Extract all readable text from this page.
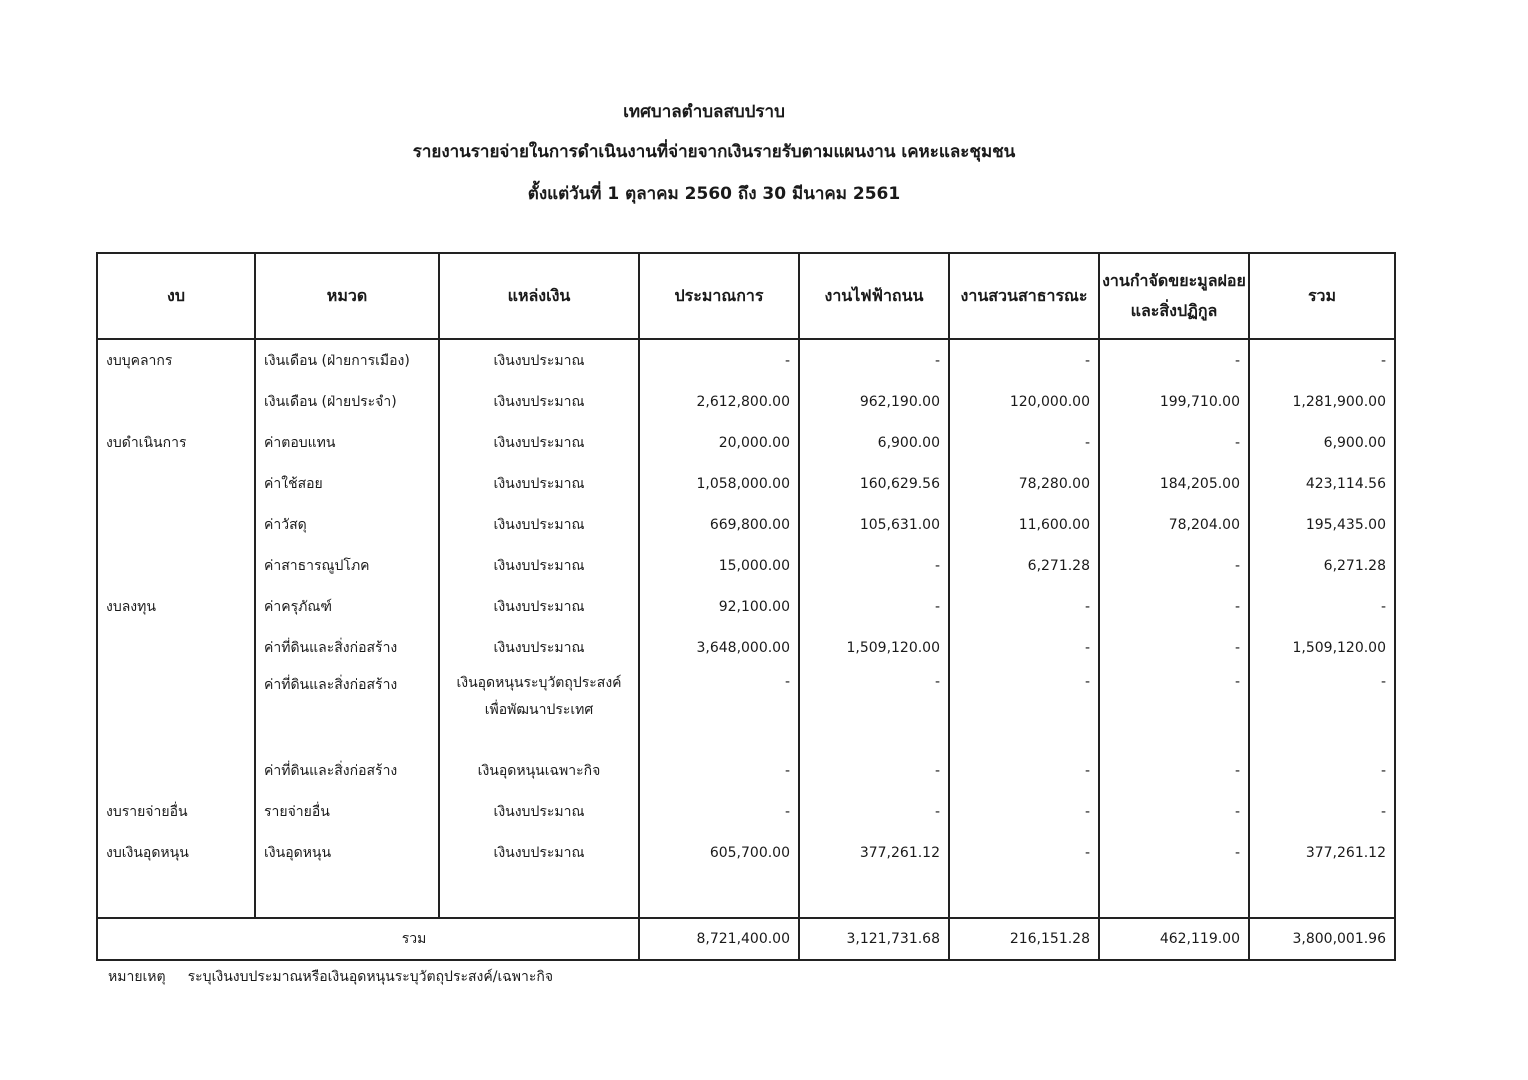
เทศบาลตำบลสบปราบ
รายงานรายจ่ายในการดำเนินงานที่จ่ายจากเงินรายรับตามแผนงาน เคหะและชุมชน
ตั้งแต่วันที่ 1 ตุลาคม 2560 ถึง 30 มีนาคม 2561
งบ	หมวด	แหล่งเงิน	ประมาณการ	งานไฟฟ้าถนน	งานสวนสาธารณะ	งานกำจัดขยะมูลฝอยและสิ่งปฏิกูล	รวม
งบบุคลากร	เงินเดือน (ฝ่ายการเมือง)	เงินงบประมาณ	-	-	-	-	-
	เงินเดือน (ฝ่ายประจำ)	เงินงบประมาณ	2,612,800.00	962,190.00	120,000.00	199,710.00	1,281,900.00
งบดำเนินการ	ค่าตอบแทน	เงินงบประมาณ	20,000.00	6,900.00	-	-	6,900.00
	ค่าใช้สอย	เงินงบประมาณ	1,058,000.00	160,629.56	78,280.00	184,205.00	423,114.56
	ค่าวัสดุ	เงินงบประมาณ	669,800.00	105,631.00	11,600.00	78,204.00	195,435.00
	ค่าสาธารณูปโภค	เงินงบประมาณ	15,000.00	-	6,271.28	-	6,271.28
งบลงทุน	ค่าครุภัณฑ์	เงินงบประมาณ	92,100.00	-	-	-	-
	ค่าที่ดินและสิ่งก่อสร้าง	เงินงบประมาณ	3,648,000.00	1,509,120.00	-	-	1,509,120.00
	ค่าที่ดินและสิ่งก่อสร้าง	เงินอุดหนุนระบุวัตถุประสงค์เพื่อพัฒนาประเทศ	-	-	-	-	-
	ค่าที่ดินและสิ่งก่อสร้าง	เงินอุดหนุนเฉพาะกิจ	-	-	-	-	-
งบรายจ่ายอื่น	รายจ่ายอื่น	เงินงบประมาณ	-	-	-	-	-
งบเงินอุดหนุน	เงินอุดหนุน	เงินงบประมาณ	605,700.00	377,261.12	-	-	377,261.12

รวม			8,721,400.00	3,121,731.68	216,151.28	462,119.00	3,800,001.96
หมายเหตุ ระบุเงินงบประมาณหรือเงินอุดหนุนระบุวัตถุประสงค์/เฉพาะกิจ
